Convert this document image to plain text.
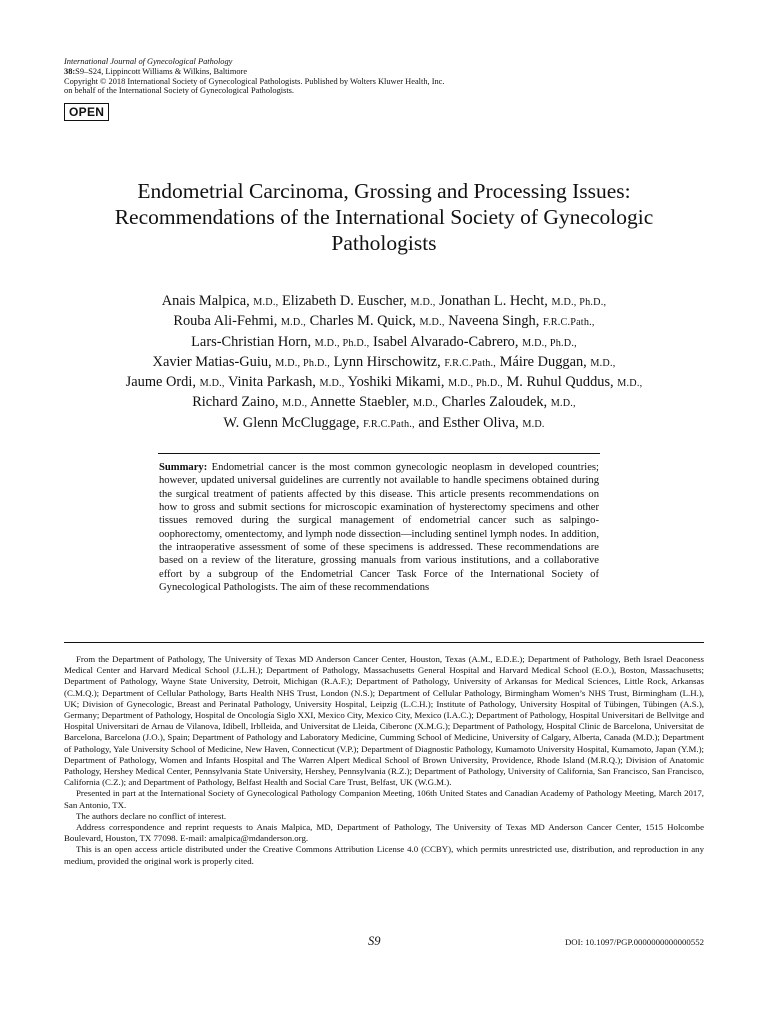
International Journal of Gynecological Pathology
38:S9–S24, Lippincott Williams & Wilkins, Baltimore
Copyright © 2018 International Society of Gynecological Pathologists. Published by Wolters Kluwer Health, Inc.
on behalf of the International Society of Gynecological Pathologists.
OPEN
Endometrial Carcinoma, Grossing and Processing Issues:
Recommendations of the International Society of Gynecologic
Pathologists
Anais Malpica, M.D., Elizabeth D. Euscher, M.D., Jonathan L. Hecht, M.D., Ph.D.,
Rouba Ali-Fehmi, M.D., Charles M. Quick, M.D., Naveena Singh, F.R.C.Path.,
Lars-Christian Horn, M.D., Ph.D., Isabel Alvarado-Cabrero, M.D., Ph.D.,
Xavier Matias-Guiu, M.D., Ph.D., Lynn Hirschowitz, F.R.C.Path., Máire Duggan, M.D.,
Jaume Ordi, M.D., Vinita Parkash, M.D., Yoshiki Mikami, M.D., Ph.D., M. Ruhul Quddus, M.D.,
Richard Zaino, M.D., Annette Staebler, M.D., Charles Zaloudek, M.D.,
W. Glenn McCluggage, F.R.C.Path., and Esther Oliva, M.D.
Summary: Endometrial cancer is the most common gynecologic neoplasm in developed countries; however, updated universal guidelines are currently not available to handle specimens obtained during the surgical treatment of patients affected by this disease. This article presents recommendations on how to gross and submit sections for microscopic examination of hysterectomy specimens and other tissues removed during the surgical management of endometrial cancer such as salpingo-oophorectomy, omentectomy, and lymph node dissection—including sentinel lymph nodes. In addition, the intraoperative assessment of some of these specimens is addressed. These recommendations are based on a review of the literature, grossing manuals from various institutions, and a collaborative effort by a subgroup of the Endometrial Cancer Task Force of the International Society of Gynecological Pathologists. The aim of these recommendations

From the Department of Pathology, The University of Texas MD Anderson Cancer Center, Houston, Texas (A.M., E.D.E.); Department of Pathology, Beth Israel Deaconess Medical Center and Harvard Medical School (J.L.H.); Department of Pathology, Massachusetts General Hospital and Harvard Medical School (E.O.), Boston, Massachusetts; Department of Pathology, Wayne State University, Detroit, Michigan (R.A.F.); Department of Pathology, University of Arkansas for Medical Sciences, Little Rock, Arkansas (C.M.Q.); Department of Cellular Pathology, Barts Health NHS Trust, London (N.S.); Department of Cellular Pathology, Birmingham Women’s NHS Trust, Birmingham (L.H.), UK; Division of Gynecologic, Breast and Perinatal Pathology, University Hospital, Leipzig (L.C.H.); Institute of Pathology, University Hospital of Tübingen, Tübingen (A.S.), Germany; Department of Pathology, Hospital de Oncología Siglo XXI, Mexico City, Mexico City, Mexico (I.A.C.); Department of Pathology, Hospital Universitari de Bellvitge and Hospital Universitari de Arnau de Vilanova, Idibell, Irblleida, and Universitat de Lleida, Ciberonc (X.M.G.); Department of Pathology, Hospital Clinic de Barcelona, Universitat de Barcelona, Barcelona (J.O.), Spain; Department of Pathology and Laboratory Medicine, Cumming School of Medicine, University of Calgary, Alberta, Canada (M.D.); Department of Pathology, Yale University School of Medicine, New Haven, Connecticut (V.P.); Department of Diagnostic Pathology, Kumamoto University Hospital, Kumamoto, Japan (Y.M.); Department of Pathology, Women and Infants Hospital and The Warren Alpert Medical School of Brown University, Providence, Rhode Island (M.R.Q.); Division of Anatomic Pathology, Hershey Medical Center, Pennsylvania State University, Hershey, Pennsylvania (R.Z.); Department of Pathology, University of California, San Francisco, San Francisco, California (C.Z.); and Department of Pathology, Belfast Health and Social Care Trust, Belfast, UK (W.G.M.).

Presented in part at the International Society of Gynecological Pathology Companion Meeting, 106th United States and Canadian Academy of Pathology Meeting, March 2017, San Antonio, TX.

The authors declare no conflict of interest.

Address correspondence and reprint requests to Anais Malpica, MD, Department of Pathology, The University of Texas MD Anderson Cancer Center, 1515 Holcombe Boulevard, Houston, TX 77098. E-mail: amalpica@mdanderson.org.

This is an open access article distributed under the Creative Commons Attribution License 4.0 (CCBY), which permits unrestricted use, distribution, and reproduction in any medium, provided the original work is properly cited.

S9	DOI: 10.1097/PGP.0000000000000552
